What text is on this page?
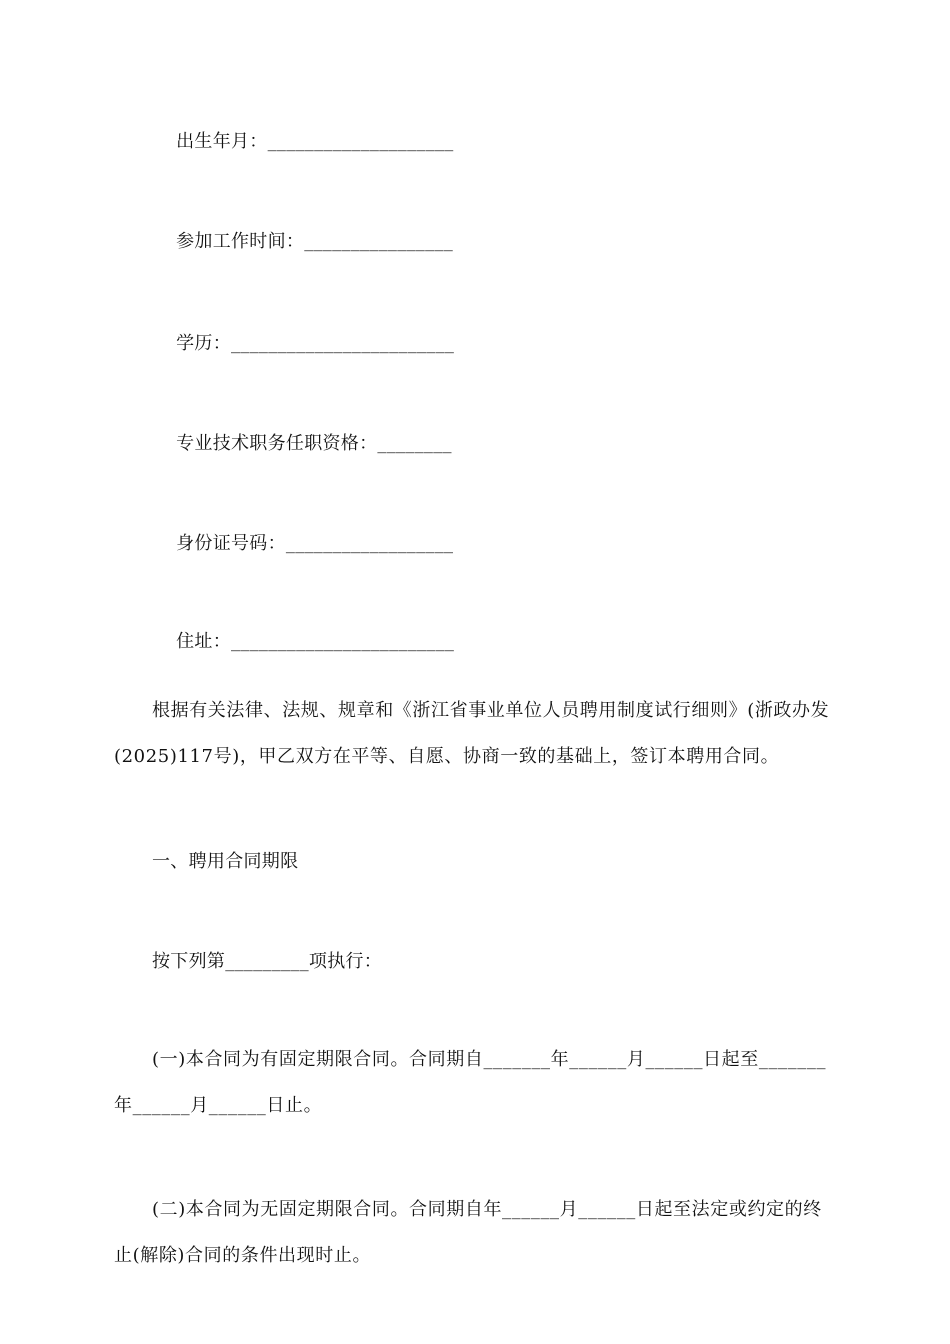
出生年月：____________________

参加工作时间：________________

学历：________________________

专业技术职务任职资格：________

身份证号码：__________________

住址：________________________

根据有关法律、法规、规章和《浙江省事业单位人员聘用制度试行细则》(浙政办发(2025)117号)，甲乙双方在平等、自愿、协商一致的基础上，签订本聘用合同。
一、聘用合同期限
按下列第_________项执行：
(一)本合同为有固定期限合同。合同期自_______年______月______日起至_______年______月______日止。
(二)本合同为无固定期限合同。合同期自年______月______日起至法定或约定的终止(解除)合同的条件出现时止。
